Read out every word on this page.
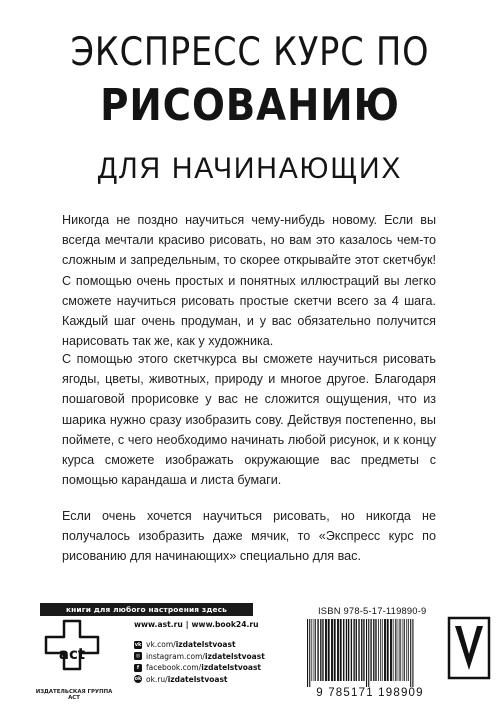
ЭКСПРЕСС КУРС ПО
РИСОВАНИЮ
ДЛЯ НАЧИНАЮЩИХ

Никогда не поздно научиться чему-нибудь новому. Если вы всегда мечтали красиво рисовать, но вам это казалось чем-то сложным и запредельным, то скорее открывайте этот скетчбук! С помощью очень простых и понятных иллюстраций вы легко сможете научиться рисовать простые скетчи всего за 4 шага. Каждый шаг очень продуман, и у вас обязательно получится нарисовать так же, как у художника.

С помощью этого скетчкурса вы сможете научиться рисовать ягоды, цветы, животных, природу и многое другое. Благодаря пошаговой прорисовке у вас не сложится ощущения, что из шарика нужно сразу изобразить сову. Действуя постепенно, вы поймете, с чего необходимо начинать любой рисунок, и к концу курса сможете изображать окружающие вас предметы с помощью карандаша и листа бумаги.

Если очень хочется научиться рисовать, но никогда не получалось изобразить даже мячик, то «Экспресс курс по рисованию для начинающих» специально для вас.

книги для любого настроения здесь
act
ИЗДАТЕЛЬСКАЯ ГРУППА АСТ
www.ast.ru | www.book24.ru
vk vk.com/ izdatelstvoast
◎ instagram.com/ izdatelstvoast
f facebook.com/ izdatelstvoast
ok ok.ru/ izdatelstvoast
ISBN 978-5-17-119890-9
9 785171 198909
